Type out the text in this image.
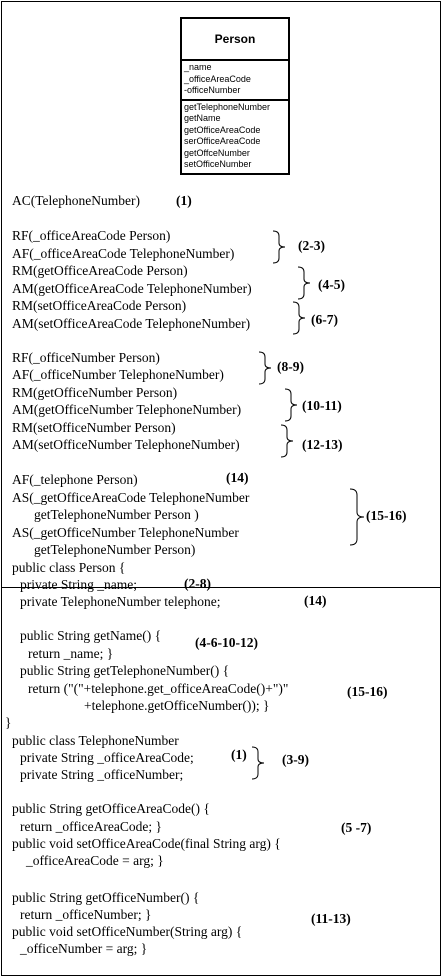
Person
_name
_officeAreaCode
-officeNumber
getTelephoneNumber
getName
getOfficeAreaCode
serOfficeAreaCode
getOffceNumber
setOfficeNumber
AC(TelephoneNumber)	(1)
RF(_officeAreaCode Person)
AF(_officeAreaCode TelephoneNumber)
RM(getOfficeAreaCode Person)
AM(getOfficeAreaCode TelephoneNumber)
RM(setOfficeAreaCode Person)
AM(setOfficeAreaCode TelephoneNumber)
(2-3)
(4-5)
(6-7)
RF(_officeNumber Person)
AF(_officeNumber TelephoneNumber)
RM(getOfficeNumber Person)
AM(getOfficeNumber TelephoneNumber)
RM(setOfficeNumber Person)
AM(setOfficeNumber TelephoneNumber)
(8-9)
(10-11)
(12-13)
AF(_telephone Person)	(14)
AS(_getOfficeAreaCode TelephoneNumber
getTelephoneNumber Person )
AS(_getOfficeNumber TelephoneNumber
getTelephoneNumber Person)
(15-16)
public class Person {
private String _name;
private TelephoneNumber telephone;
(2-8)
(14)
public String getName() {	(4-6-10-12)
return _name; }
public String getTelephoneNumber() {
return ("("+telephone.get_officeAreaCode()+")"	(15-16)
+telephone.getOfficeNumber()); }
}
public class TelephoneNumber
private String _officeAreaCode;
private String _officeNumber;
(1)	(3-9)
public String getOfficeAreaCode() {
return _officeAreaCode; }	(5 -7)
public void setOfficeAreaCode(final String arg) {
_officeAreaCode = arg; }
public String getOfficeNumber() {
return _officeNumber; }	(11-13)
public void setOfficeNumber(String arg) {
_officeNumber = arg; }
